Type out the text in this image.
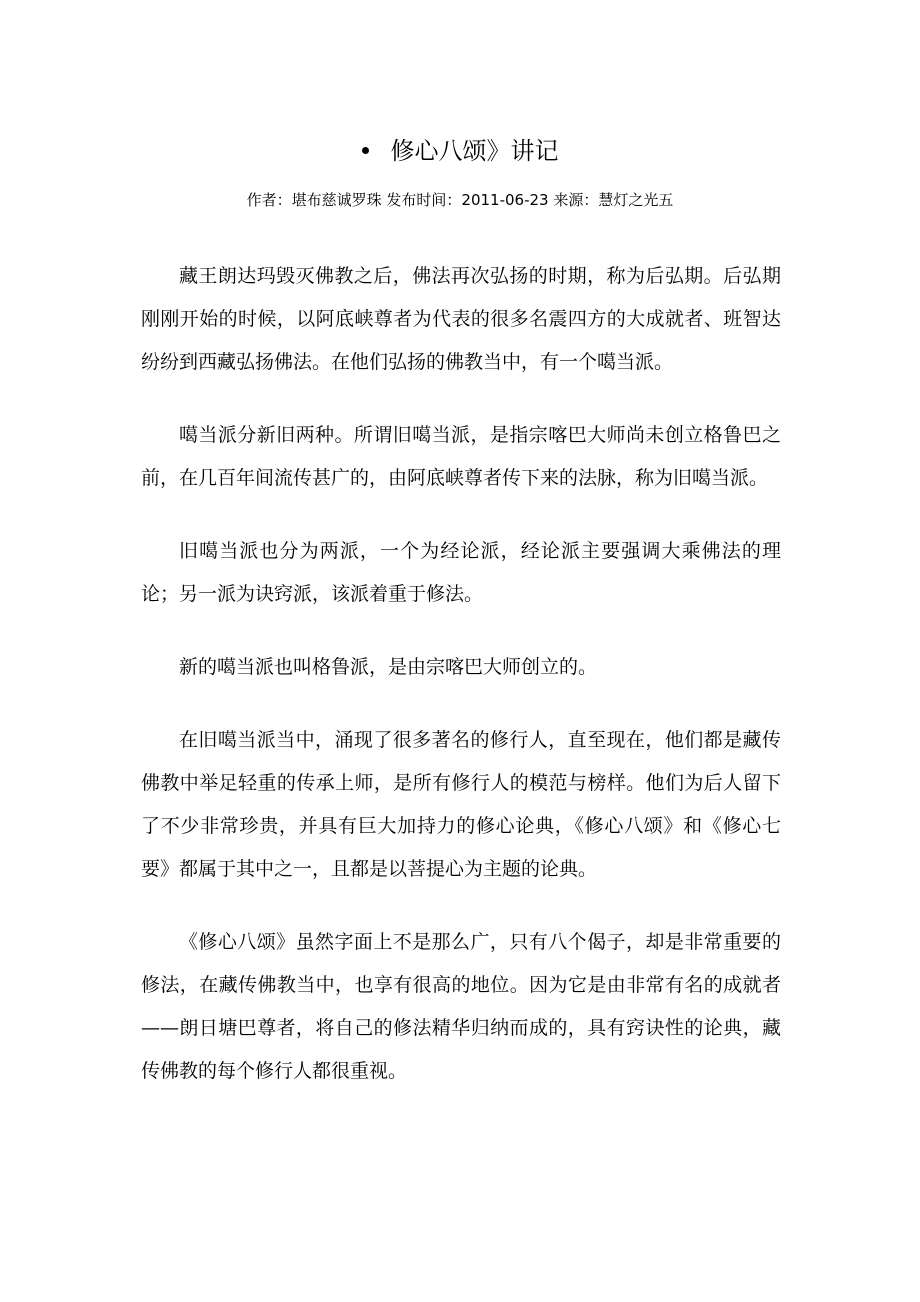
修心八颂》讲记
作者：堪布慈诚罗珠 发布时间：2011-06-23 来源：慧灯之光五

藏王朗达玛毁灭佛教之后，佛法再次弘扬的时期，称为后弘期。后弘期刚刚开始的时候，以阿底峡尊者为代表的很多名震四方的大成就者、班智达纷纷到西藏弘扬佛法。在他们弘扬的佛教当中，有一个噶当派。

噶当派分新旧两种。所谓旧噶当派，是指宗喀巴大师尚未创立格鲁巴之前，在几百年间流传甚广的，由阿底峡尊者传下来的法脉，称为旧噶当派。

旧噶当派也分为两派，一个为经论派，经论派主要强调大乘佛法的理论；另一派为诀窍派，该派着重于修法。

新的噶当派也叫格鲁派，是由宗喀巴大师创立的。

在旧噶当派当中，涌现了很多著名的修行人，直至现在，他们都是藏传佛教中举足轻重的传承上师，是所有修行人的模范与榜样。他们为后人留下了不少非常珍贵，并具有巨大加持力的修心论典，《修心八颂》和《修心七要》都属于其中之一，且都是以菩提心为主题的论典。

《修心八颂》虽然字面上不是那么广，只有八个偈子，却是非常重要的修法，在藏传佛教当中，也享有很高的地位。因为它是由非常有名的成就者——朗日塘巴尊者，将自己的修法精华归纳而成的，具有窍诀性的论典，藏传佛教的每个修行人都很重视。
